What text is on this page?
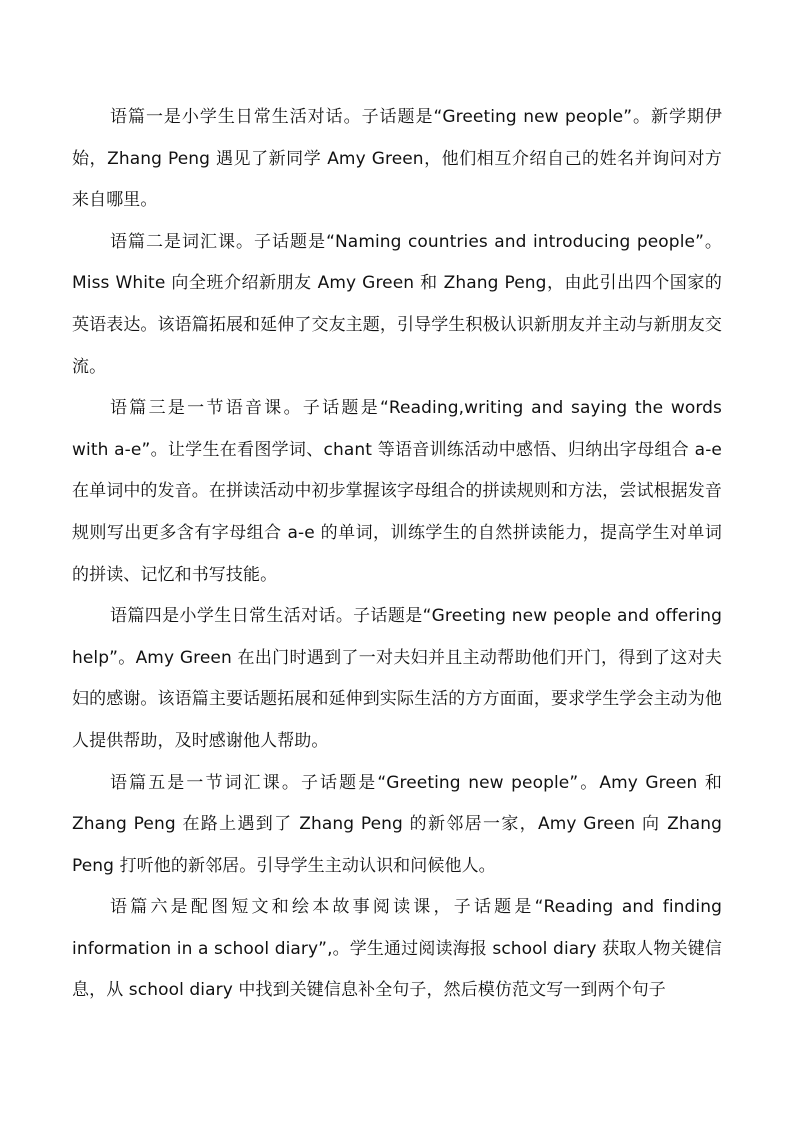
语篇一是小学生日常生活对话。子话题是“Greeting new people”。新学期伊始，Zhang Peng 遇见了新同学 Amy Green，他们相互介绍自己的姓名并询问对方来自哪里。

语篇二是词汇课。子话题是“Naming countries and introducing people”。Miss White 向全班介绍新朋友 Amy Green 和 Zhang Peng，由此引出四个国家的英语表达。该语篇拓展和延伸了交友主题，引导学生积极认识新朋友并主动与新朋友交流。

语篇三是一节语音课。子话题是“Reading,writing and saying the words with a-e”。让学生在看图学词、chant 等语音训练活动中感悟、归纳出字母组合 a-e 在单词中的发音。在拼读活动中初步掌握该字母组合的拼读规则和方法，尝试根据发音规则写出更多含有字母组合 a-e 的单词，训练学生的自然拼读能力，提高学生对单词的拼读、记忆和书写技能。

语篇四是小学生日常生活对话。子话题是“Greeting new people and offering help”。Amy Green 在出门时遇到了一对夫妇并且主动帮助他们开门，得到了这对夫妇的感谢。该语篇主要话题拓展和延伸到实际生活的方方面面，要求学生学会主动为他人提供帮助，及时感谢他人帮助。

语篇五是一节词汇课。子话题是“Greeting new people”。Amy Green 和 Zhang Peng 在路上遇到了 Zhang Peng 的新邻居一家，Amy Green 向 Zhang Peng 打听他的新邻居。引导学生主动认识和问候他人。

语篇六是配图短文和绘本故事阅读课，子话题是“Reading and finding information in a school diary”,。学生通过阅读海报 school diary 获取人物关键信息，从 school diary 中找到关键信息补全句子，然后模仿范文写一到两个句子
